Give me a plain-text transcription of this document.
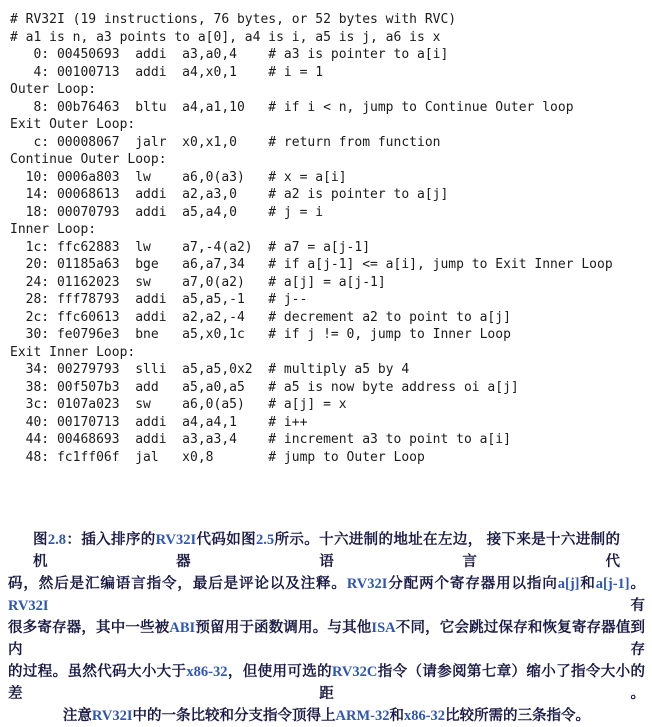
# RV32I (19 instructions, 76 bytes, or 52 bytes with RVC)
# a1 is n, a3 points to a[0], a4 is i, a5 is j, a6 is x
0: 00450693  addi  a3,a0,4    # a3 is pointer to a[i]
4: 00100713  addi  a4,x0,1    # i = 1
Outer Loop:
8: 00b76463  bltu  a4,a1,10   # if i < n, jump to Continue Outer loop
Exit Outer Loop:
c: 00008067  jalr  x0,x1,0    # return from function
Continue Outer Loop:
10: 0006a803  lw    a6,0(a3)   # x = a[i]
14: 00068613  addi  a2,a3,0    # a2 is pointer to a[j]
18: 00070793  addi  a5,a4,0    # j = i
Inner Loop:
1c: ffc62883  lw    a7,-4(a2)  # a7 = a[j-1]
20: 01185a63  bge   a6,a7,34   # if a[j-1] <= a[i], jump to Exit Inner Loop
24: 01162023  sw    a7,0(a2)   # a[j] = a[j-1]
28: fff78793  addi  a5,a5,-1   # j--
2c: ffc60613  addi  a2,a2,-4   # decrement a2 to point to a[j]
30: fe0796e3  bne   a5,x0,1c   # if j != 0, jump to Inner Loop
Exit Inner Loop:
34: 00279793  slli  a5,a5,0x2  # multiply a5 by 4
38: 00f507b3  add   a5,a0,a5   # a5 is now byte address oi a[j]
3c: 0107a023  sw    a6,0(a5)   # a[j] = x
40: 00170713  addi  a4,a4,1    # i++
44: 00468693  addi  a3,a3,4    # increment a3 to point to a[i]
48: fc1ff06f  jal   x0,8       # jump to Outer Loop
图2.8：插入排序的RV32I代码如图2.5所示。十六进制的地址在左边， 接下来是十六进制的机器语言代
码，然后是汇编语言指令，最后是评论以及注释。RV32I分配两个寄存器用以指向a[j]和a[j-1]。RV32I有
很多寄存器，其中一些被ABI预留用于函数调用。与其他ISA不同，它会跳过保存和恢复寄存器值到内存
的过程。虽然代码大小大于x86-32，但使用可选的RV32C指令（请参阅第七章）缩小了指令大小的差距。
注意RV32I中的一条比较和分支指令顶得上ARM-32和x86-32比较所需的三条指令。
